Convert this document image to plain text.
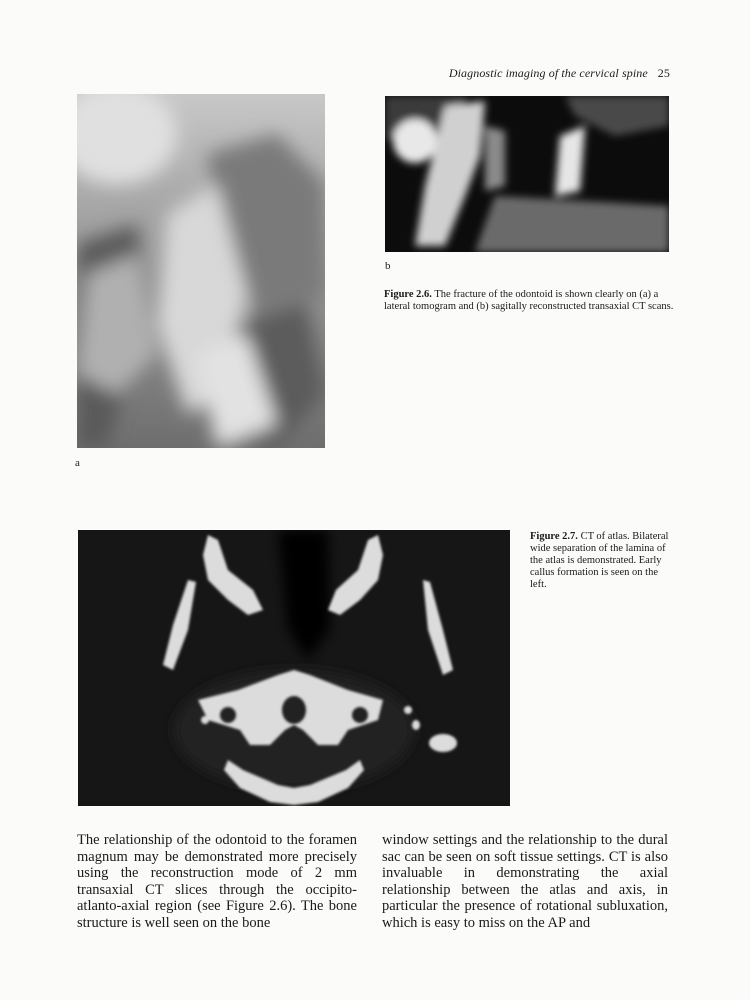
Diagnostic imaging of the cervical spine 25
a
b
Figure 2.6. The fracture of the odontoid is shown clearly on (a) a lateral tomogram and (b) sagitally reconstructed transaxial CT scans.
Figure 2.7. CT of atlas. Bilateral wide separation of the lamina of the atlas is demonstrated. Early callus formation is seen on the left.

The relationship of the odontoid to the foramen magnum may be demonstrated more precisely using the reconstruction mode of 2 mm transaxial CT slices through the occipito-atlanto-axial region (see Figure 2.6). The bone structure is well seen on the bone

window settings and the relationship to the dural sac can be seen on soft tissue settings. CT is also invaluable in demonstrating the axial relationship between the atlas and axis, in particular the presence of rotational subluxation, which is easy to miss on the AP and
